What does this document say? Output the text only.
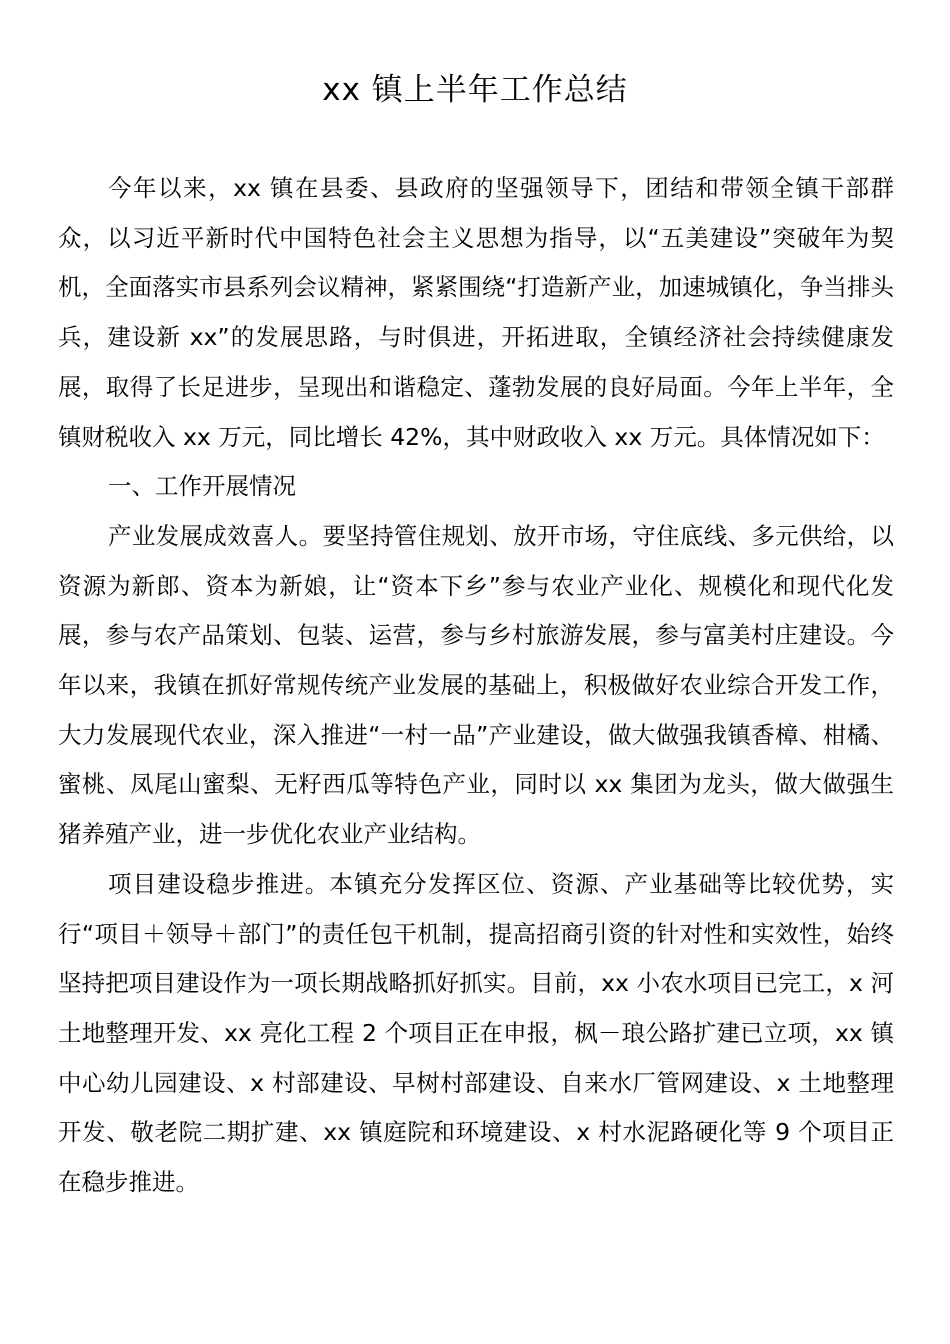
xx 镇上半年工作总结

今年以来，xx 镇在县委、县政府的坚强领导下，团结和带领全镇干部群众，以习近平新时代中国特色社会主义思想为指导，以“五美建设”突破年为契机，全面落实市县系列会议精神，紧紧围绕“打造新产业，加速城镇化，争当排头兵，建设新 xx”的发展思路，与时俱进，开拓进取，全镇经济社会持续健康发展，取得了长足进步，呈现出和谐稳定、蓬勃发展的良好局面。今年上半年，全镇财税收入 xx 万元，同比增长 42%，其中财政收入 xx 万元。具体情况如下：

一、工作开展情况

产业发展成效喜人。要坚持管住规划、放开市场，守住底线、多元供给，以资源为新郎、资本为新娘，让“资本下乡”参与农业产业化、规模化和现代化发展，参与农产品策划、包装、运营，参与乡村旅游发展，参与富美村庄建设。今年以来，我镇在抓好常规传统产业发展的基础上，积极做好农业综合开发工作，大力发展现代农业，深入推进“一村一品”产业建设，做大做强我镇香樟、柑橘、蜜桃、凤尾山蜜梨、无籽西瓜等特色产业，同时以 xx 集团为龙头，做大做强生猪养殖产业，进一步优化农业产业结构。

项目建设稳步推进。本镇充分发挥区位、资源、产业基础等比较优势，实行“项目＋领导＋部门”的责任包干机制，提高招商引资的针对性和实效性，始终坚持把项目建设作为一项长期战略抓好抓实。目前，xx 小农水项目已完工，x 河土地整理开发、xx 亮化工程 2 个项目正在申报，枫－琅公路扩建已立项，xx 镇中心幼儿园建设、x 村部建设、早树村部建设、自来水厂管网建设、x 土地整理开发、敬老院二期扩建、xx 镇庭院和环境建设、x 村水泥路硬化等 9 个项目正在稳步推进。
